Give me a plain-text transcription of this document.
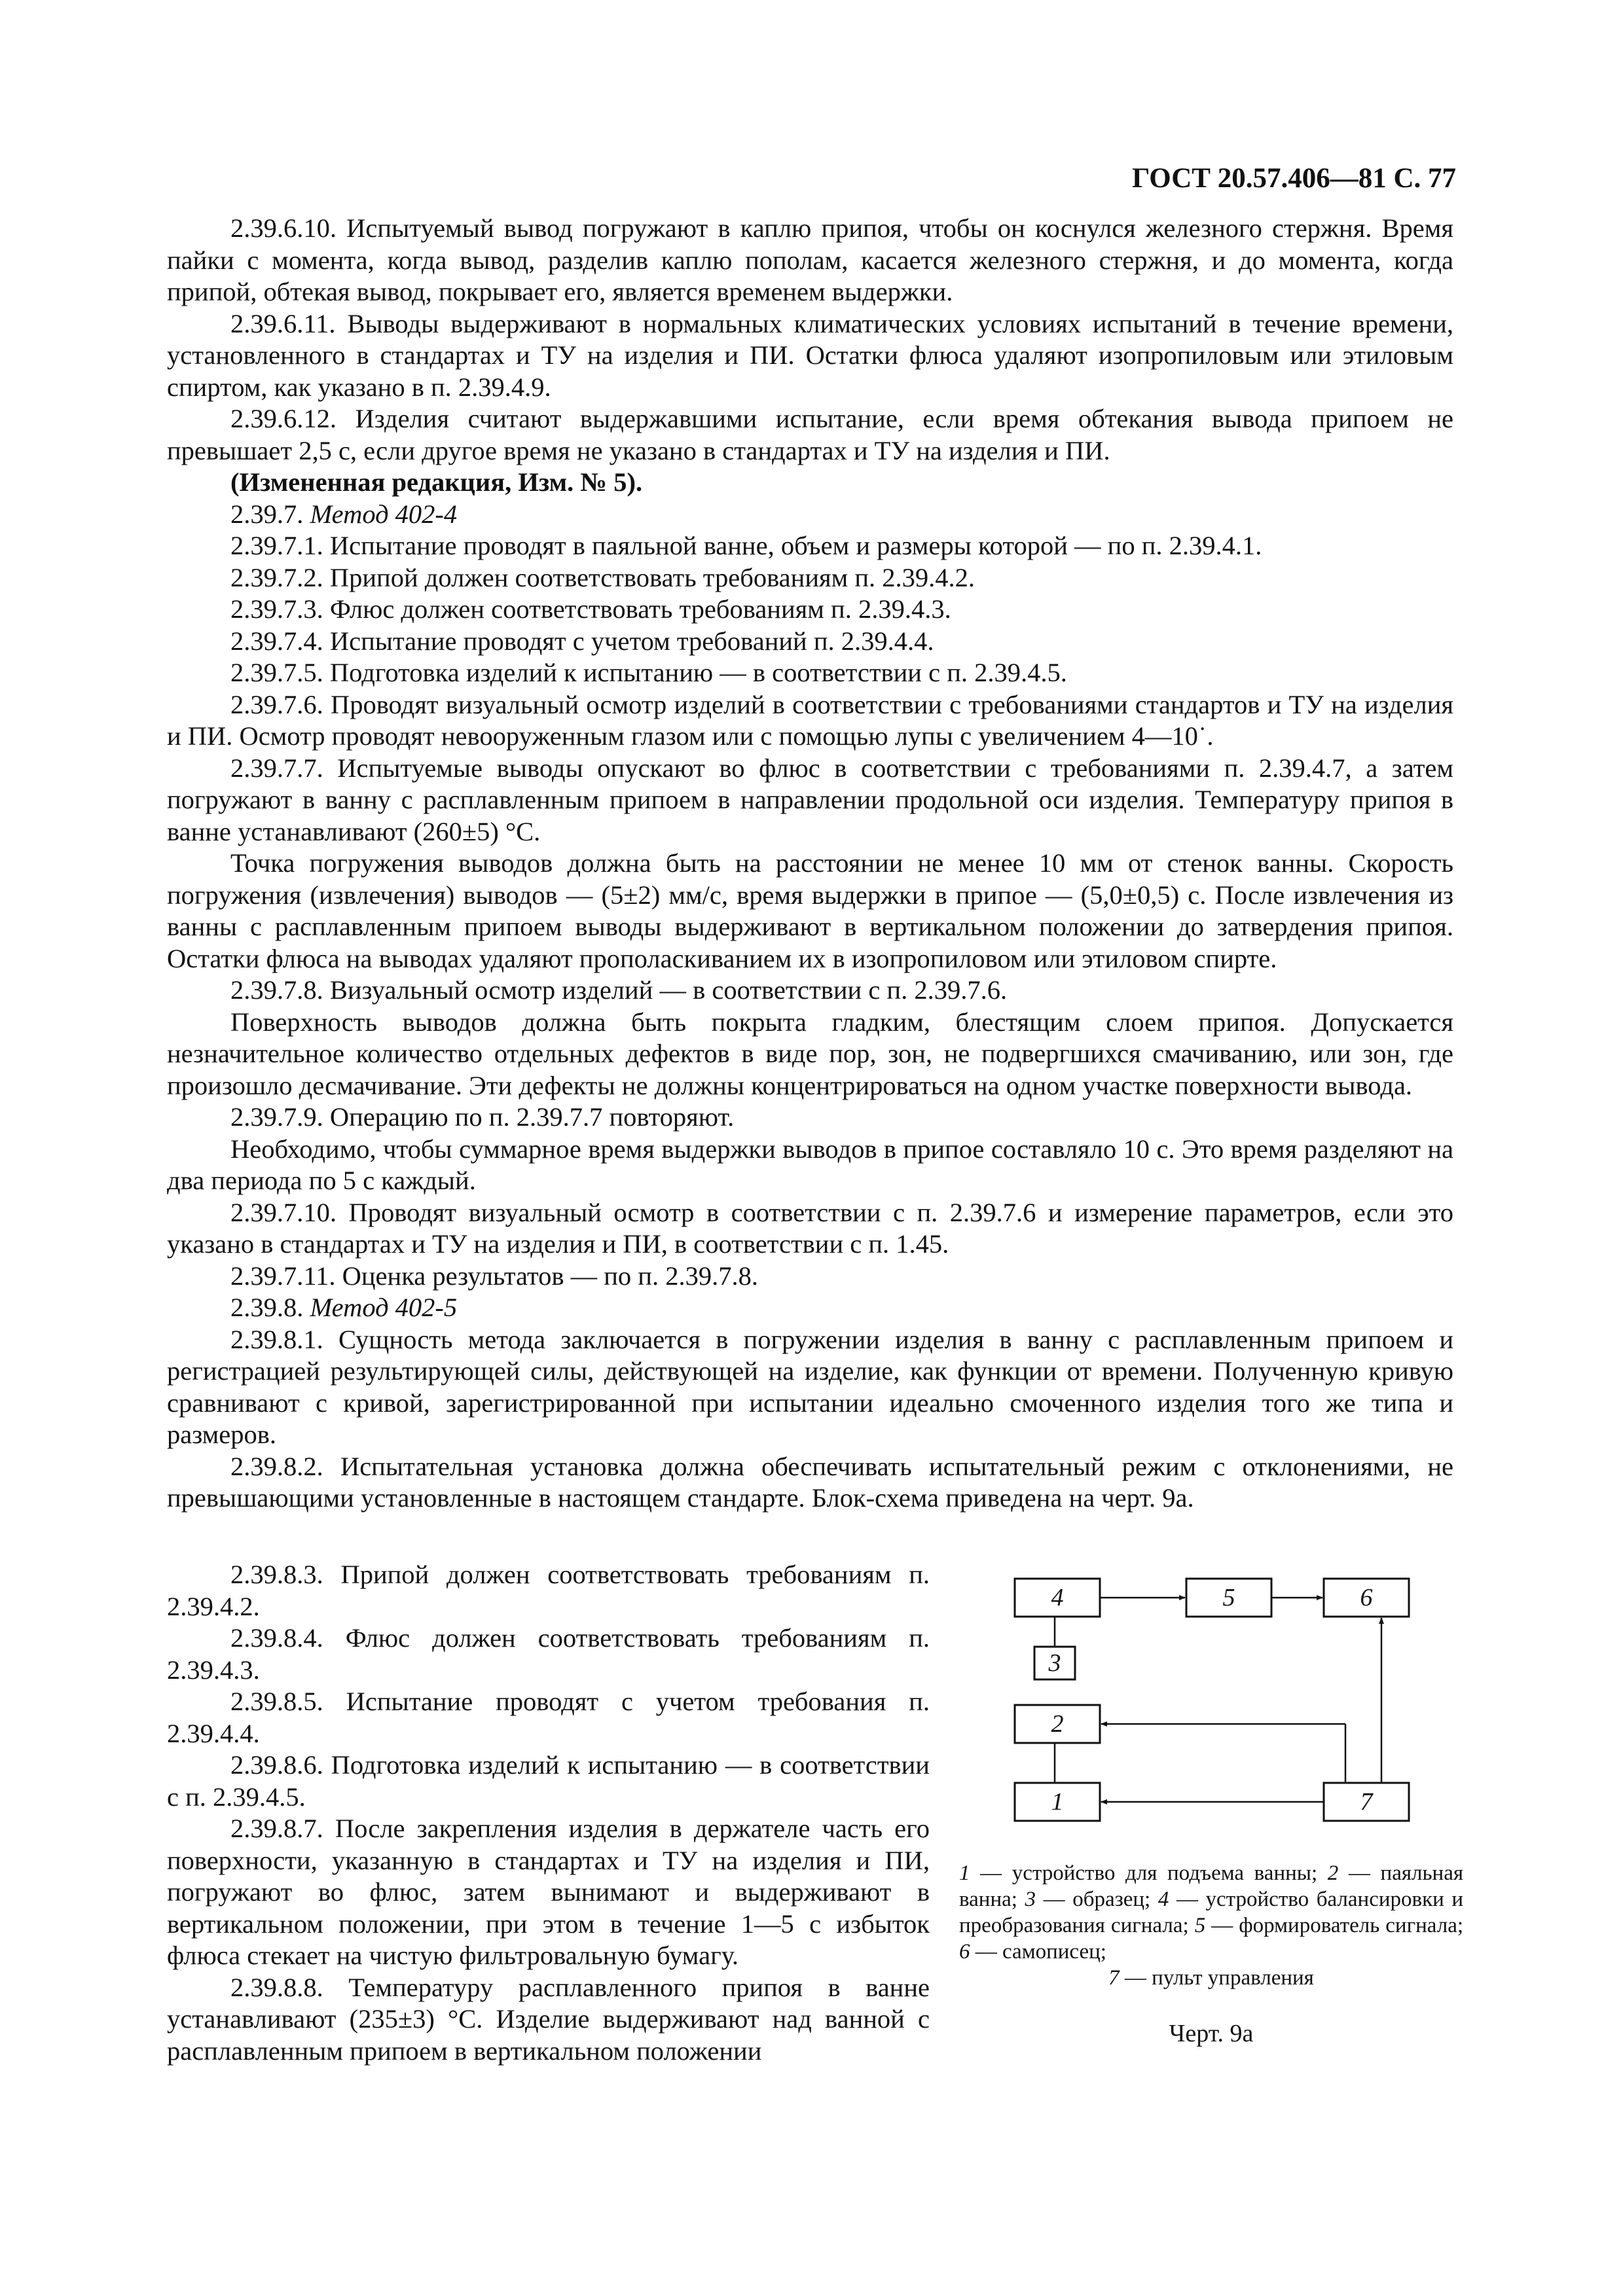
ГОСТ 20.57.406—81 С. 77

2.39.6.10. Испытуемый вывод погружают в каплю припоя, чтобы он коснулся железного стержня. Время пайки с момента, когда вывод, разделив каплю пополам, касается железного стержня, и до момента, когда припой, обтекая вывод, покрывает его, является временем выдержки.

2.39.6.11. Выводы выдерживают в нормальных климатических условиях испытаний в течение времени, установленного в стандартах и ТУ на изделия и ПИ. Остатки флюса удаляют изопропиловым или этиловым спиртом, как указано в п. 2.39.4.9.

2.39.6.12. Изделия считают выдержавшими испытание, если время обтекания вывода припоем не превышает 2,5 с, если другое время не указано в стандартах и ТУ на изделия и ПИ.

(Измененная редакция, Изм. № 5).

2.39.7. Метод 402-4

2.39.7.1. Испытание проводят в паяльной ванне, объем и размеры которой — по п. 2.39.4.1.

2.39.7.2. Припой должен соответствовать требованиям п. 2.39.4.2.

2.39.7.3. Флюс должен соответствовать требованиям п. 2.39.4.3.

2.39.7.4. Испытание проводят с учетом требований п. 2.39.4.4.

2.39.7.5. Подготовка изделий к испытанию — в соответствии с п. 2.39.4.5.

2.39.7.6. Проводят визуальный осмотр изделий в соответствии с требованиями стандартов и ТУ на изделия и ПИ. Осмотр проводят невооруженным глазом или с помощью лупы с увеличением 4—10˙.

2.39.7.7. Испытуемые выводы опускают во флюс в соответствии с требованиями п. 2.39.4.7, а затем погружают в ванну с расплавленным припоем в направлении продольной оси изделия. Температуру припоя в ванне устанавливают (260±5) °С.

Точка погружения выводов должна быть на расстоянии не менее 10 мм от стенок ванны. Скорость погружения (извлечения) выводов — (5±2) мм/с, время выдержки в припое — (5,0±0,5) с. После извлечения из ванны с расплавленным припоем выводы выдерживают в вертикальном положении до затвердения припоя. Остатки флюса на выводах удаляют прополаскиванием их в изопропиловом или этиловом спирте.

2.39.7.8. Визуальный осмотр изделий — в соответствии с п. 2.39.7.6.

Поверхность выводов должна быть покрыта гладким, блестящим слоем припоя. Допускается незначительное количество отдельных дефектов в виде пор, зон, не подвергшихся смачиванию, или зон, где произошло десмачивание. Эти дефекты не должны концентрироваться на одном участке поверхности вывода.

2.39.7.9. Операцию по п. 2.39.7.7 повторяют.

Необходимо, чтобы суммарное время выдержки выводов в припое составляло 10 с. Это время разделяют на два периода по 5 с каждый.

2.39.7.10. Проводят визуальный осмотр в соответствии с п. 2.39.7.6 и измерение параметров, если это указано в стандартах и ТУ на изделия и ПИ, в соответствии с п. 1.45.

2.39.7.11. Оценка результатов — по п. 2.39.7.8.

2.39.8. Метод 402-5

2.39.8.1. Сущность метода заключается в погружении изделия в ванну с расплавленным припоем и регистрацией результирующей силы, действующей на изделие, как функции от времени. Полученную кривую сравнивают с кривой, зарегистрированной при испытании идеально смоченного изделия того же типа и размеров.

2.39.8.2. Испытательная установка должна обеспечивать испытательный режим с отклонениями, не превышающими установленные в настоящем стандарте. Блок-схема приведена на черт. 9а.

2.39.8.3. Припой должен соответствовать требованиям п. 2.39.4.2.

2.39.8.4. Флюс должен соответствовать требованиям п. 2.39.4.3.

2.39.8.5. Испытание проводят с учетом требования п. 2.39.4.4.

2.39.8.6. Подготовка изделий к испытанию — в соответствии с п. 2.39.4.5.

2.39.8.7. После закрепления изделия в держателе часть его поверхности, указанную в стандартах и ТУ на изделия и ПИ, погружают во флюс, затем вынимают и выдерживают в вертикальном положении, при этом в течение 1—5 с избыток флюса стекает на чистую фильтровальную бумагу.

2.39.8.8. Температуру расплавленного припоя в ванне устанавливают (235±3) °С. Изделие выдерживают над ванной с расплавленным припоем в вертикальном положении

4	5	6
3
2
1	7
1 — устройство для подъема ванны; 2 — паяльная ванна; 3 — образец; 4 — устройство балансировки и преобразования сигнала; 5 — формирователь сигнала; 6 — самописец;
7 — пульт управления
Черт. 9а
